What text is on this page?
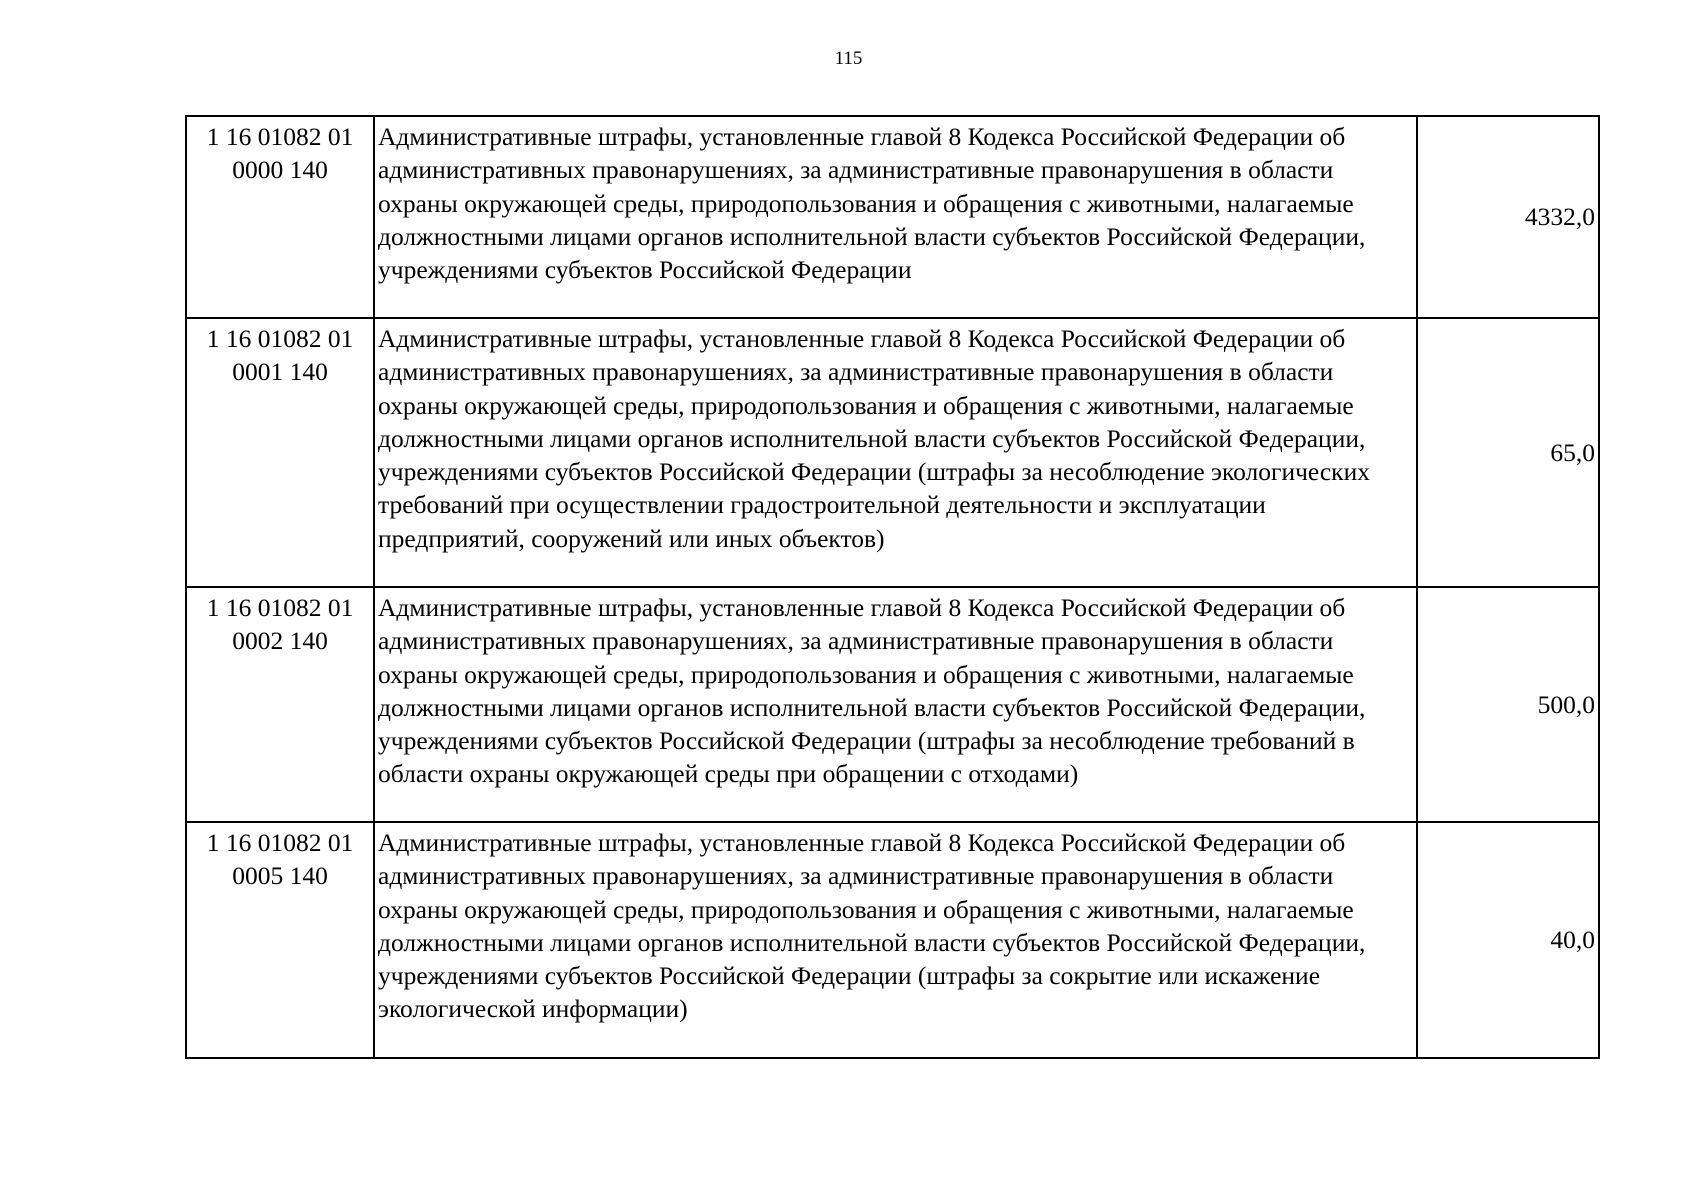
115
1 16 01082 01
0000 140	Административные штрафы, установленные главой 8 Кодекса Российской Федерации об административных правонарушениях, за административные правонарушения в области охраны окружающей среды, природопользования и обращения с животными, налагаемые должностными лицами органов исполнительной власти субъектов Российской Федерации, учреждениями субъектов Российской Федерации	4332,0

1 16 01082 01
0001 140	Административные штрафы, установленные главой 8 Кодекса Российской Федерации об административных правонарушениях, за административные правонарушения в области охраны окружающей среды, природопользования и обращения с животными, налагаемые должностными лицами органов исполнительной власти субъектов Российской Федерации, учреждениями субъектов Российской Федерации (штрафы за несоблюдение экологических требований при осуществлении градостроительной деятельности и эксплуатации предприятий, сооружений или иных объектов)	65,0

1 16 01082 01
0002 140	Административные штрафы, установленные главой 8 Кодекса Российской Федерации об административных правонарушениях, за административные правонарушения в области охраны окружающей среды, природопользования и обращения с животными, налагаемые должностными лицами органов исполнительной власти субъектов Российской Федерации, учреждениями субъектов Российской Федерации (штрафы за несоблюдение требований в области охраны окружающей среды при обращении с отходами)	500,0

1 16 01082 01
0005 140	Административные штрафы, установленные главой 8 Кодекса Российской Федерации об административных правонарушениях, за административные правонарушения в области охраны окружающей среды, природопользования и обращения с животными, налагаемые должностными лицами органов исполнительной власти субъектов Российской Федерации, учреждениями субъектов Российской Федерации (штрафы за сокрытие или искажение экологической информации)	40,0
